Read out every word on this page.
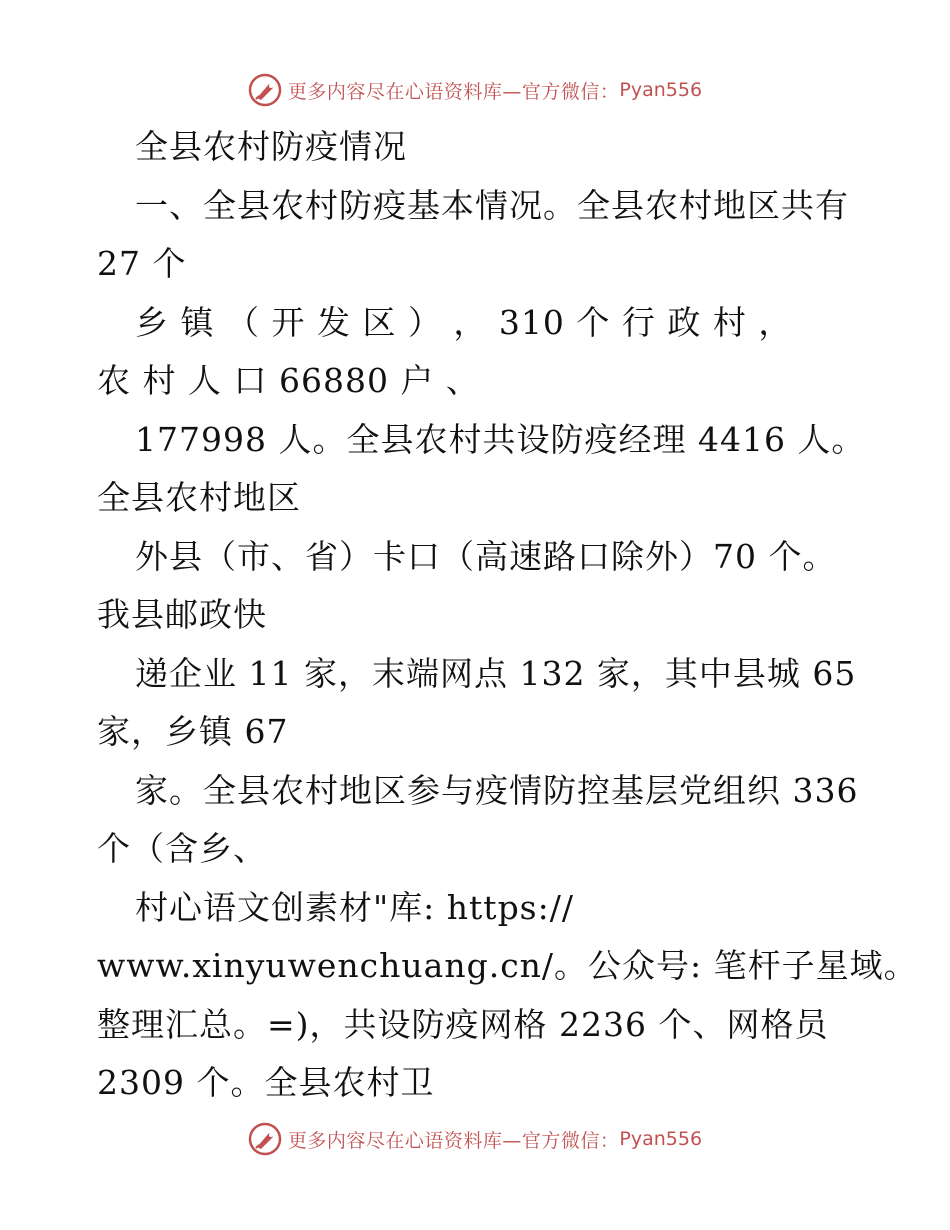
更多内容尽在心语资料库—官方微信： Pyan556
全县农村防疫情况
一、全县农村防疫基本情况。全县农村地区共有
27 个
乡 镇 （ 开 发 区 ） ， 310 个 行 政 村 ，
农 村 人 口 66880 户 、
177998 人。全县农村共设防疫经理 4416 人。
全县农村地区
外县（市、省）卡口（高速路口除外）70 个。
我县邮政快
递企业 11 家，末端网点 132 家，其中县城 65
家，乡镇 67
家。全县农村地区参与疫情防控基层党组织 336
个（含乡、
村心语文创素材"库: https://
www.xinyuwenchuang.cn/。公众号: 笔杆子星域。
整理汇总。=)，共设防疫网格 2236 个、网格员
2309 个。全县农村卫
更多内容尽在心语资料库—官方微信： Pyan556
